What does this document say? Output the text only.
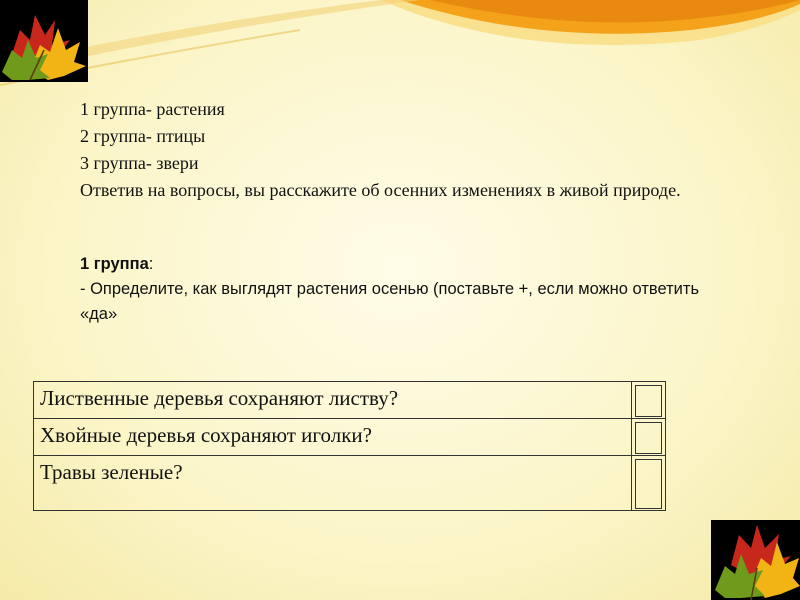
1 группа- растения

2 группа- птицы

3 группа- звери

Ответив на вопросы, вы расскажите об осенних изменениях в живой природе.

1 группа:

- Определите, как выглядят растения осенью (поставьте +, если можно ответить «да»

Лиственные деревья сохраняют листву?	

Хвойные деревья сохраняют иголки?	

Травы зеленые?	
